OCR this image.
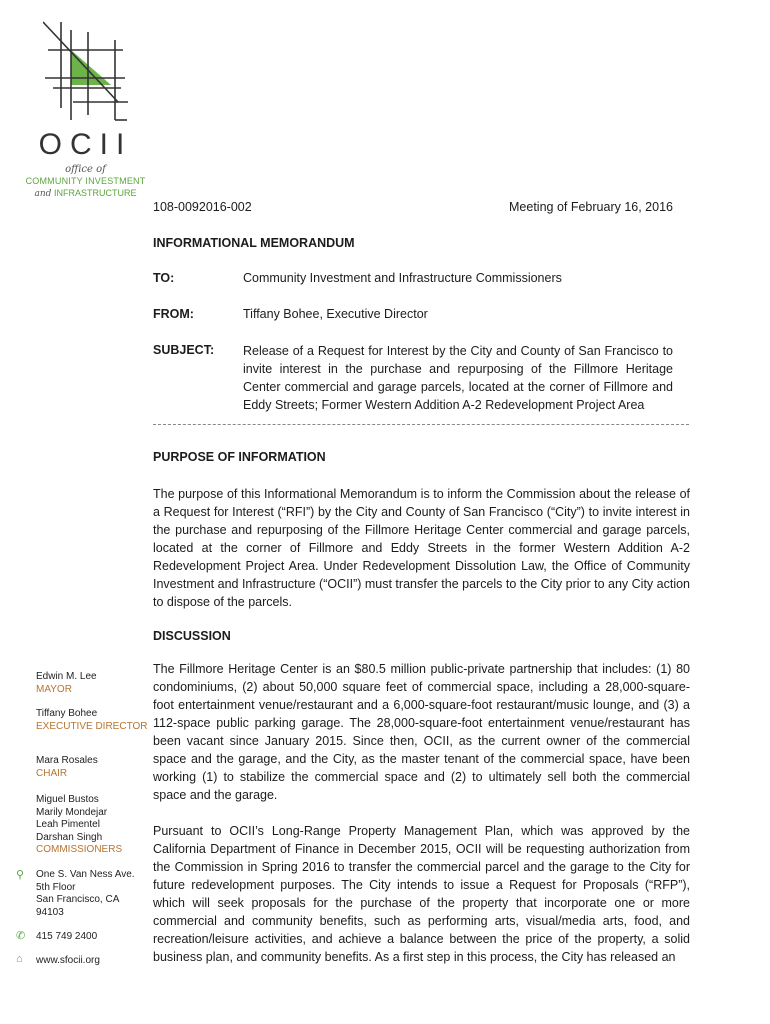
OCII
office of
COMMUNITY INVESTMENT
and INFRASTRUCTURE
108-0092016-002	Meeting of February 16, 2016
INFORMATIONAL MEMORANDUM
TO:	Community Investment and Infrastructure Commissioners
FROM:	Tiffany Bohee, Executive Director
SUBJECT: Release of a Request for Interest by the City and County of San Francisco to invite interest in the purchase and repurposing of the Fillmore Heritage Center commercial and garage parcels, located at the corner of Fillmore and Eddy Streets; Former Western Addition A-2 Redevelopment Project Area
PURPOSE OF INFORMATION

The purpose of this Informational Memorandum is to inform the Commission about the release of a Request for Interest (“RFI”) by the City and County of San Francisco (“City”) to invite interest in the purchase and repurposing of the Fillmore Heritage Center commercial and garage parcels, located at the corner of Fillmore and Eddy Streets in the former Western Addition A-2 Redevelopment Project Area. Under Redevelopment Dissolution Law, the Office of Community Investment and Infrastructure (“OCII”) must transfer the parcels to the City prior to any City action to dispose of the parcels.

DISCUSSION

The Fillmore Heritage Center is an $80.5 million public-private partnership that includes: (1) 80 condominiums, (2) about 50,000 square feet of commercial space, including a 28,000-square-foot entertainment venue/restaurant and a 6,000-square-foot restaurant/music lounge, and (3) a 112-space public parking garage. The 28,000-square-foot entertainment venue/restaurant has been vacant since January 2015. Since then, OCII, as the current owner of the commercial space and the garage, and the City, as the master tenant of the commercial space, have been working (1) to stabilize the commercial space and (2) to ultimately sell both the commercial space and the garage.

Pursuant to OCII’s Long-Range Property Management Plan, which was approved by the California Department of Finance in December 2015, OCII will be requesting authorization from the Commission in Spring 2016 to transfer the commercial parcel and the garage to the City for future redevelopment purposes. The City intends to issue a Request for Proposals (“RFP”), which will seek proposals for the purchase of the property that incorporate one or more commercial and community benefits, such as performing arts, visual/media arts, food, and recreation/leisure activities, and achieve a balance between the price of the property, a solid business plan, and community benefits. As a first step in this process, the City has released an

Edwin M. Lee
MAYOR
Tiffany Bohee
EXECUTIVE DIRECTOR
Mara Rosales
CHAIR
Miguel Bustos
Marily Mondejar
Leah Pimentel
Darshan Singh
COMMISSIONERS
⚲ One S. Van Ness Ave.
5th Floor
San Francisco, CA
94103
✆ 415 749 2400
⌂ www.sfocii.org
